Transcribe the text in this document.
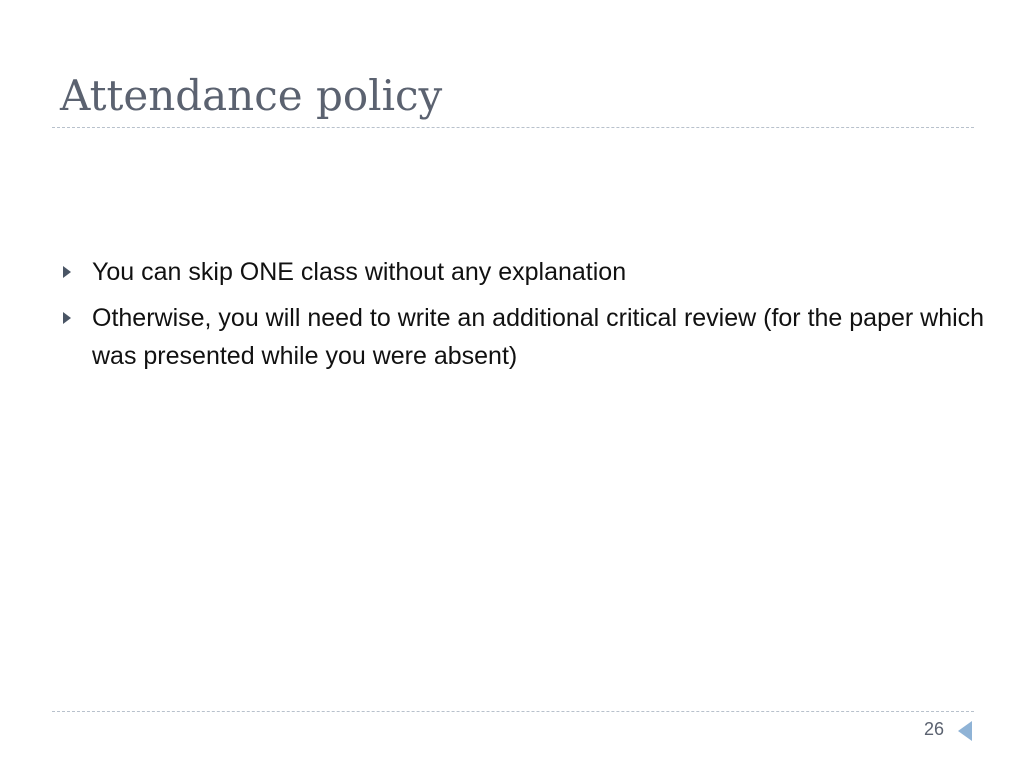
Attendance policy
You can skip ONE class without any explanation
Otherwise, you will need to write an additional critical review (for the paper which was presented while you were absent)
26
